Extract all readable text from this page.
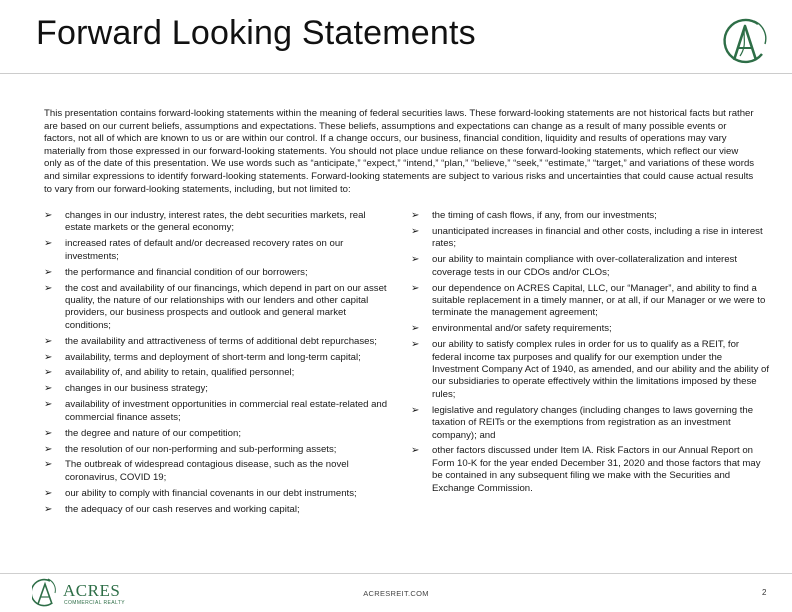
Forward Looking Statements

This presentation contains forward-looking statements within the meaning of federal securities laws. These forward-looking statements are not historical facts but rather are based on our current beliefs, assumptions and expectations. These beliefs, assumptions and expectations can change as a result of many possible events or factors, not all of which are known to us or are within our control. If a change occurs, our business, financial condition, liquidity and results of operations may vary materially from those expressed in our forward-looking statements. You should not place undue reliance on these forward-looking statements, which reflect our view only as of the date of this presentation. We use words such as “anticipate,” “expect,” “intend,” “plan,” “believe,” “seek,” “estimate,” “target,” and variations of these words and similar expressions to identify forward-looking statements. Forward-looking statements are subject to various risks and uncertainties that could cause actual results to vary from our forward-looking statements, including, but not limited to:

➢ changes in our industry, interest rates, the debt securities markets, real estate markets or the general economy;
➢ increased rates of default and/or decreased recovery rates on our investments;
➢ the performance and financial condition of our borrowers;
➢ the cost and availability of our financings, which depend in part on our asset quality, the nature of our relationships with our lenders and other capital providers, our business prospects and outlook and general market conditions;
➢ the availability and attractiveness of terms of additional debt repurchases;
➢ availability, terms and deployment of short-term and long-term capital;
➢ availability of, and ability to retain, qualified personnel;
➢ changes in our business strategy;
➢ availability of investment opportunities in commercial real estate-related and commercial finance assets;
➢ the degree and nature of our competition;
➢ the resolution of our non-performing and sub-performing assets;
➢ The outbreak of widespread contagious disease, such as the novel coronavirus, COVID 19;
➢ our ability to comply with financial covenants in our debt instruments;
➢ the adequacy of our cash reserves and working capital;
➢ the timing of cash flows, if any, from our investments;
➢ unanticipated increases in financial and other costs, including a rise in interest rates;
➢ our ability to maintain compliance with over-collateralization and interest coverage tests in our CDOs and/or CLOs;
➢ our dependence on ACRES Capital, LLC, our “Manager”, and ability to find a suitable replacement in a timely manner, or at all, if our Manager or we were to terminate the management agreement;
➢ environmental and/or safety requirements;
➢ our ability to satisfy complex rules in order for us to qualify as a REIT, for federal income tax purposes and qualify for our exemption under the Investment Company Act of 1940, as amended, and our ability and the ability of our subsidiaries to operate effectively within the limitations imposed by these rules;
➢ legislative and regulatory changes (including changes to laws governing the taxation of REITs or the exemptions from registration as an investment company); and
➢ other factors discussed under Item IA. Risk Factors in our Annual Report on Form 10-K for the year ended December 31, 2020 and those factors that may be contained in any subsequent filing we make with the Securities and Exchange Commission.
ACRES
COMMERCIAL REALTY
ACRESREIT.COM	2
